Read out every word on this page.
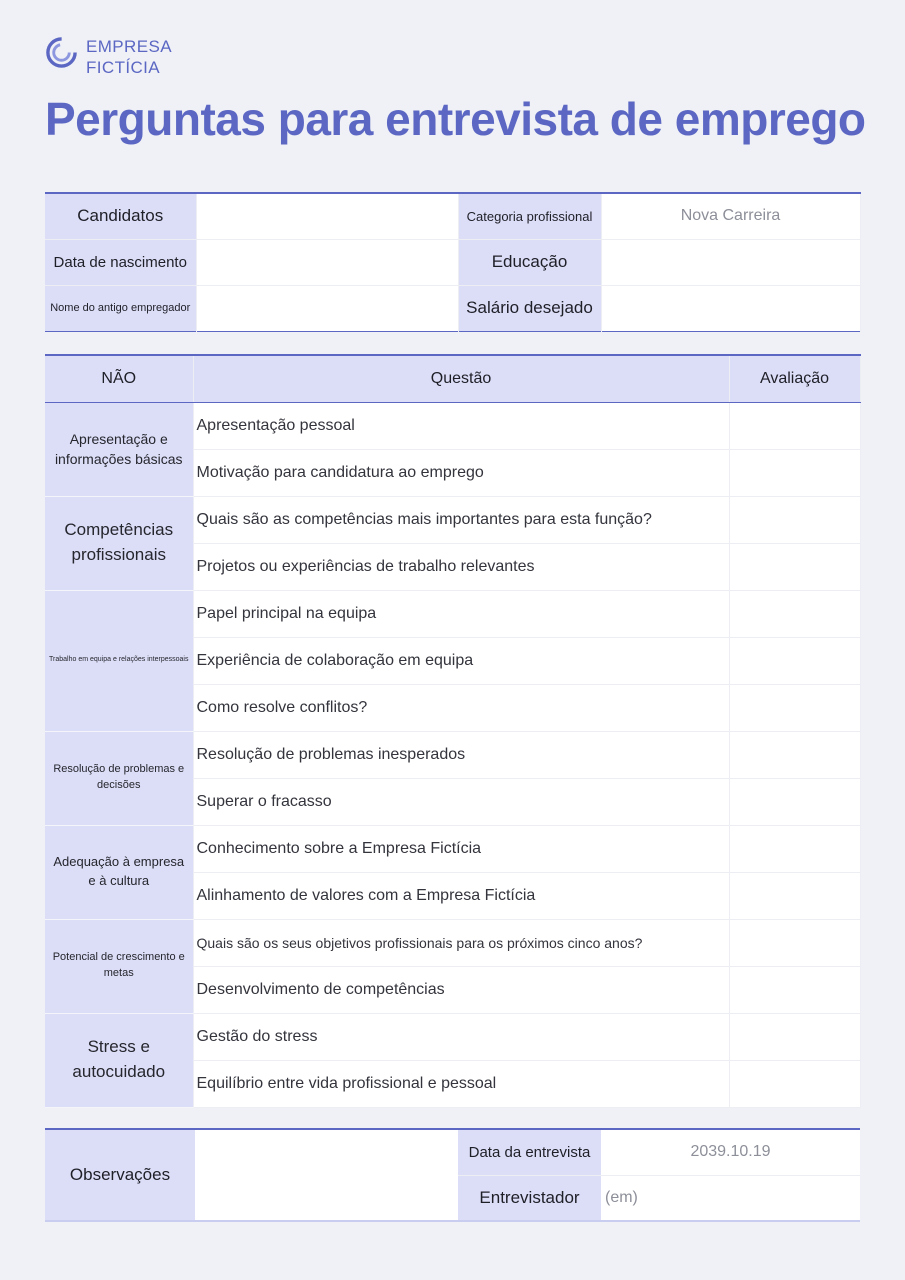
EMPRESA FICTÍCIA
Perguntas para entrevista de emprego
Candidatos		Categoria profissional	Nova Carreira
Data de nascimento		Educação	
Nome do antigo empregador		Salário desejado	
NÃO	Questão	Avaliação
Apresentação e informações básicas	Apresentação pessoal	
	Motivação para candidatura ao emprego	
Competências profissionais	Quais são as competências mais importantes para esta função?	
	Projetos ou experiências de trabalho relevantes	
Trabalho em equipa e relações interpessoais	Papel principal na equipa	
	Experiência de colaboração em equipa	
	Como resolve conflitos?	
Resolução de problemas e decisões	Resolução de problemas inesperados	
	Superar o fracasso	
Adequação à empresa e à cultura	Conhecimento sobre a Empresa Fictícia	
	Alinhamento de valores com a Empresa Fictícia	
Potencial de crescimento e metas	Quais são os seus objetivos profissionais para os próximos cinco anos?	
	Desenvolvimento de competências	
Stress e autocuidado	Gestão do stress	
	Equilíbrio entre vida profissional e pessoal	
Observações		Data da entrevista	2039.10.19
		Entrevistador	(em)
